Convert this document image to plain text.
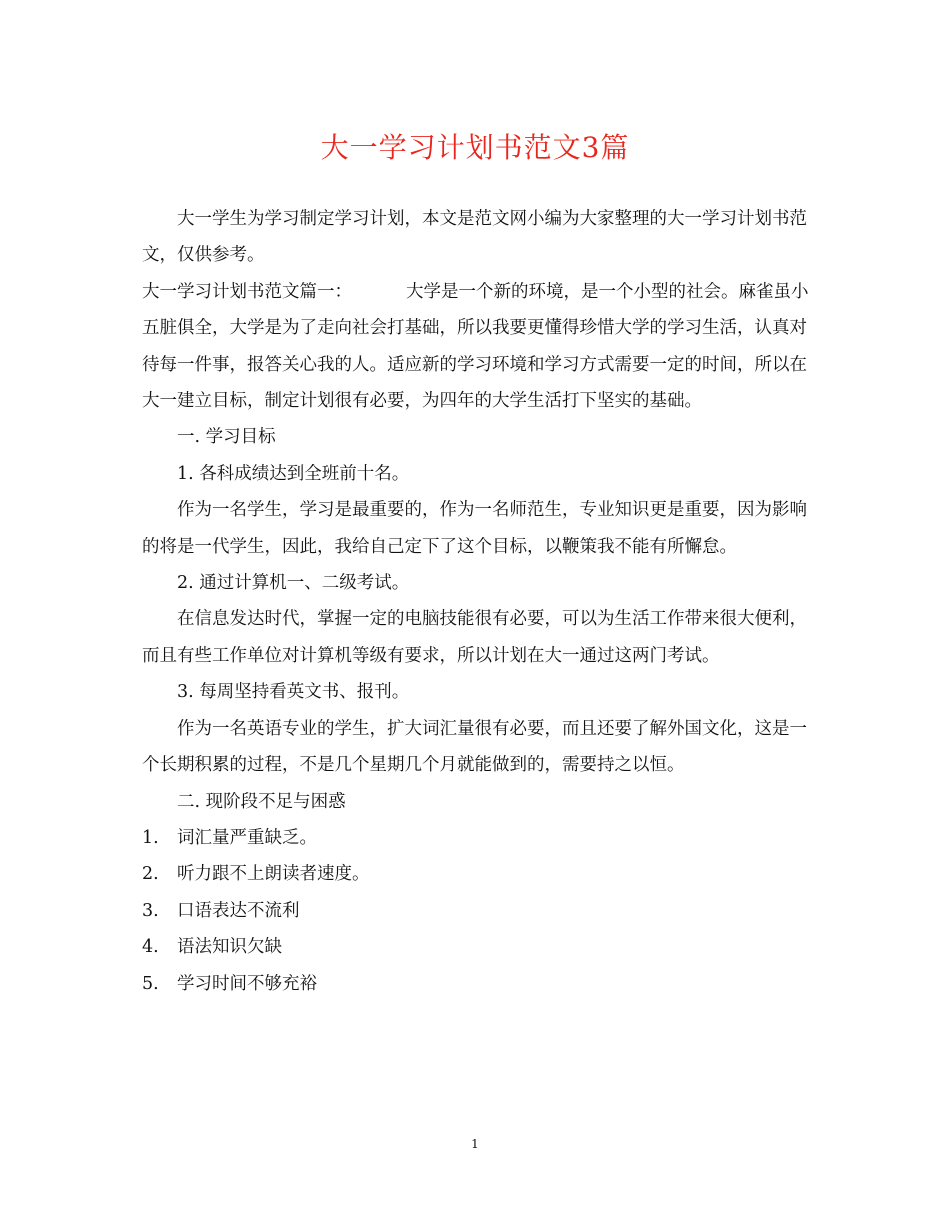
大一学习计划书范文3篇

大一学生为学习制定学习计划，本文是范文网小编为大家整理的大一学习计划书范文，仅供参考。

大一学习计划书范文篇一：	大学是一个新的环境，是一个小型的社会。麻雀虽小五脏俱全，大学是为了走向社会打基础，所以我要更懂得珍惜大学的学习生活，认真对待每一件事，报答关心我的人。适应新的学习环境和学习方式需要一定的时间，所以在大一建立目标，制定计划很有必要，为四年的大学生活打下坚实的基础。

一. 学习目标

1. 各科成绩达到全班前十名。

作为一名学生，学习是最重要的，作为一名师范生，专业知识更是重要，因为影响的将是一代学生，因此，我给自己定下了这个目标，以鞭策我不能有所懈怠。

2. 通过计算机一、二级考试。

在信息发达时代，掌握一定的电脑技能很有必要，可以为生活工作带来很大便利，而且有些工作单位对计算机等级有要求，所以计划在大一通过这两门考试。

3. 每周坚持看英文书、报刊。

作为一名英语专业的学生，扩大词汇量很有必要，而且还要了解外国文化，这是一个长期积累的过程，不是几个星期几个月就能做到的，需要持之以恒。

二. 现阶段不足与困惑

1. 词汇量严重缺乏。

2. 听力跟不上朗读者速度。

3. 口语表达不流利

4. 语法知识欠缺

5. 学习时间不够充裕

1
